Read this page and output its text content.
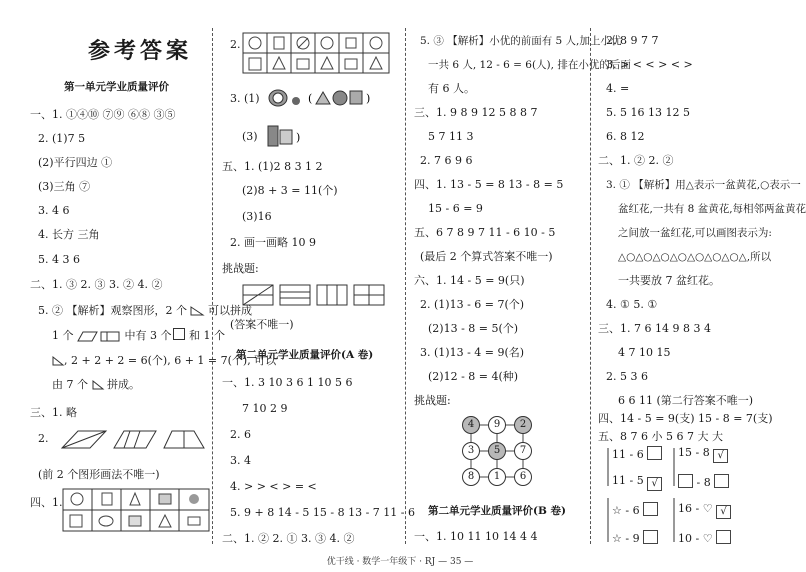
参考答案
第一单元学业质量评价
一、1. ①④⑩ ⑦⑨ ⑥⑧ ③⑤
2. (1)7 5
(2)平行四边 ①
(3)三角 ⑦
3. 4 6
4. 长方 三角
5. 4 3 6
二、1. ③ 2. ③ 3. ② 4. ②
5. ② 【解析】观察图形，2 个 可以拼成
1 个	中有 3 个 和 1 个
, 2 + 2 + 2 = 6(个), 6 + 1 = 7(个), 可以
由 7 个 拼成。
三、1. 略
2.
(前 2 个图形画法不唯一)
四、1.
2.
3. (1)	(	)
(3)	)
五、1. (1)2 8 3 1 2
(2)8 + 3 = 11(个)
(3)16
2. 画一画略 10 9
挑战题:
(答案不唯一)
第二单元学业质量评价(A 卷)
一、1. 3 10 3 6 1 10 5 6
7 10 2 9
2. 6
3. 4
4. > > < > = <
5. 9 + 8 14 - 5 15 - 8 13 - 7 11 - 6
二、1. ② 2. ① 3. ③ 4. ②
5. ③ 【解析】小优的前面有 5 人,加上小优
一共 6 人, 12 - 6 = 6(人), 排在小优的后面
有 6 人。
三、1. 9 8 9 12 5 8 8 7
5 7 11 3
2. 7 6 9 6
四、1. 13 - 5 = 8 13 - 8 = 5
15 - 6 = 9
五、6 7 8 9 7 11 - 6 10 - 5
(最后 2 个算式答案不唯一)
六、1. 14 - 5 = 9(只)
2. (1)13 - 6 = 7(个)
(2)13 - 8 = 5(个)
3. (1)13 - 4 = 9(名)
(2)12 - 8 = 4(种)
挑战题:
4	9	2
3	5	7
8	1	6
第二单元学业质量评价(B 卷)
一、1. 10 11 10 14 4 4
2. 8 9 7 7
3. > < < > < >
4. =
5. 5 16 13 12 5
6. 8 12
二、1. ② 2. ②
3. ① 【解析】用△表示一盆黄花,○表示一
盆红花,一共有 8 盆黄花,每相邻两盆黄花
之间放一盆红花,可以画图表示为:
△○△○△○△○△○△○△○△,所以
一共要放 7 盆红花。
4. ① 5. ①
三、1. 7 6 14 9 8 3 4
4 7 10 15
2. 5 3 6
6 6 11 (第二行答案不唯一)
四、14 - 5 = 9(支) 15 - 8 = 7(支)
五、8 7 6 小 5 6 7 大 大
11 - 6	15 - 8 √
11 - 5 √	- 8
☆ - 6	16 - ♡ √
☆ - 9	10 - ♡
优干线 · 数学一年级下 · RJ — 35 —
